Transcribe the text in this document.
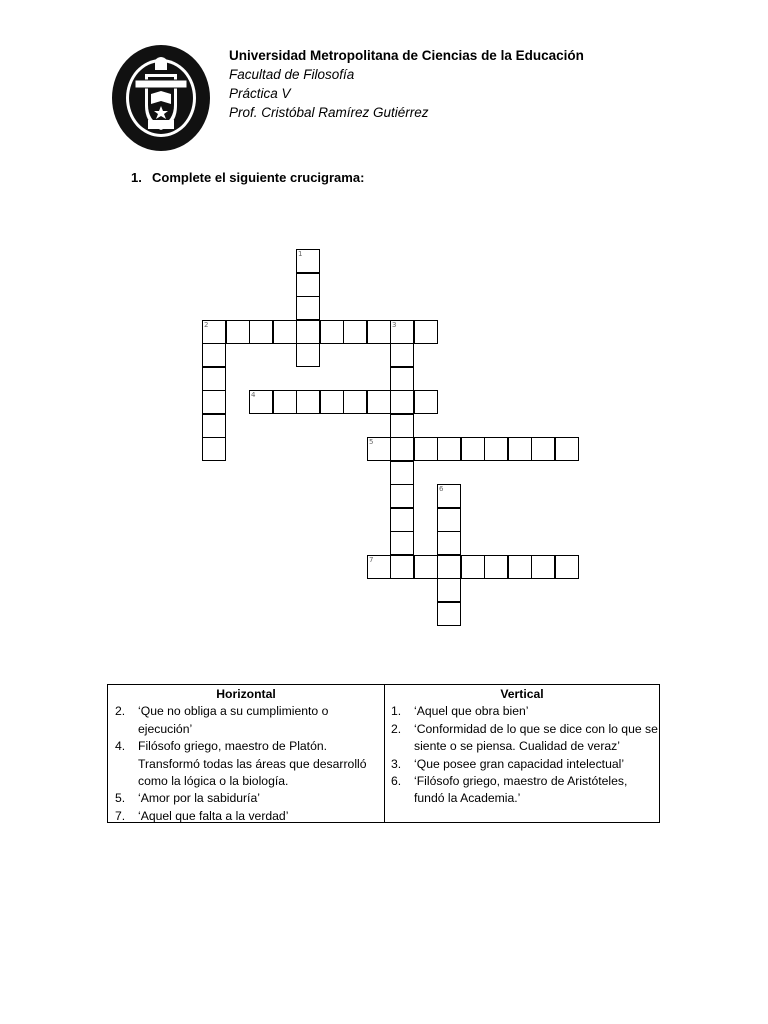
Universidad Metropolitana de Ciencias de la Educación
Facultad de Filosofía
Práctica V
Prof. Cristóbal Ramírez Gutiérrez
1. Complete el siguiente crucigrama:
1
2	3
4
5
6
7
Horizontal
2. ‘Que no obliga a su cumplimiento o ejecución’
4. Filósofo griego, maestro de Platón. Transformó todas las áreas que desarrolló como la lógica o la biología.
5. ‘Amor por la sabiduría’
7. ‘Aquel que falta a la verdad’
Vertical
1. ‘Aquel que obra bien’
2. ‘Conformidad de lo que se dice con lo que se siente o se piensa. Cualidad de veraz’
3. ‘Que posee gran capacidad intelectual’
6. ‘Filósofo griego, maestro de Aristóteles, fundó la Academia.’
